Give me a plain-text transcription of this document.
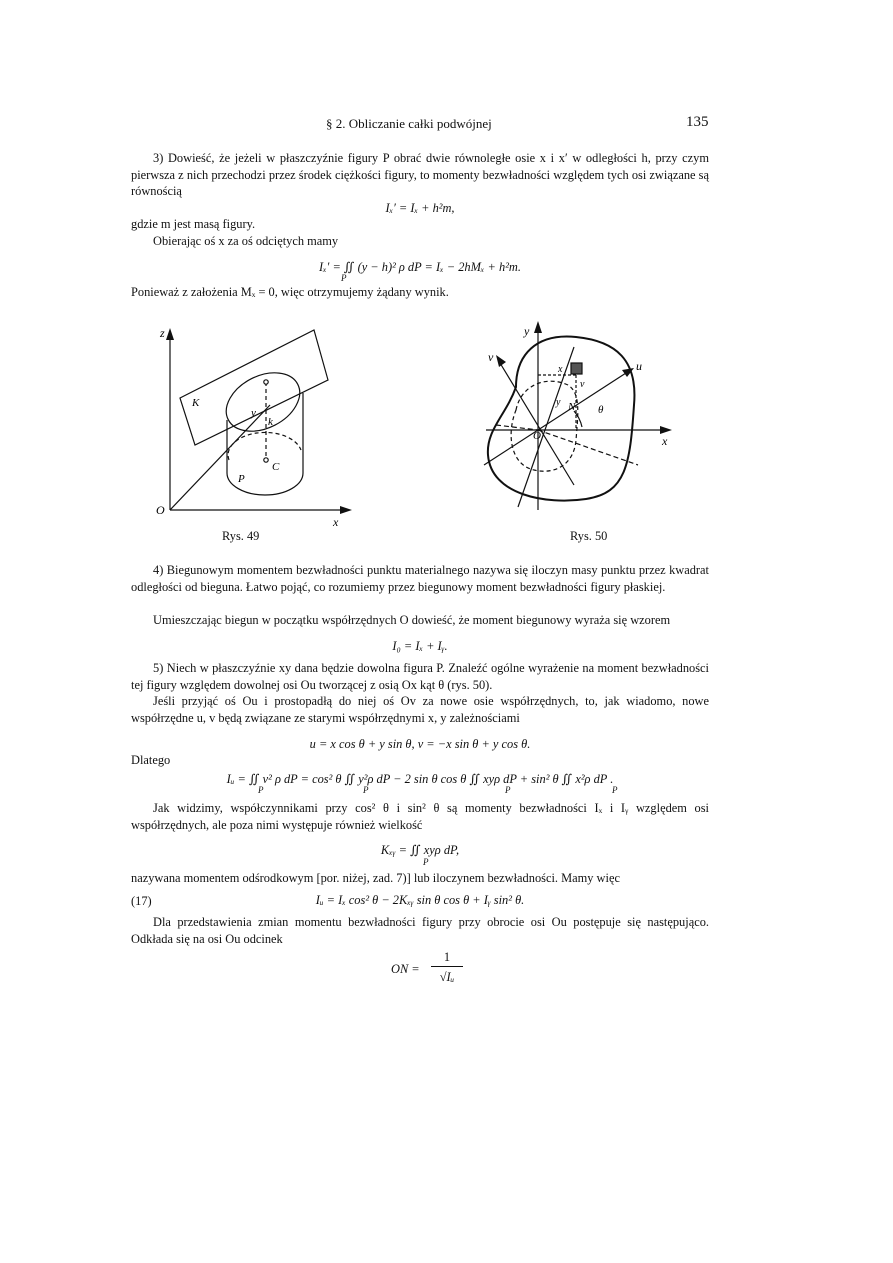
§ 2. Obliczanie całki podwójnej	135
3) Dowieść, że jeżeli w płaszczyźnie figury P obrać dwie równoległe osie x i x′ w odległości h, przy czym pierwsza z nich przechodzi przez środek ciężkości figury, to momenty bezwładności względem tych osi związane są równością
Iₓ′ = Iₓ + h²m,
gdzie m jest masą figury.
Obierając oś x za oś odciętych mamy
Iₓ′ = ∬ (y − h)² ρ dP = Iₓ − 2hMₓ + h²m.
P
Ponieważ z założenia Mₓ = 0, więc otrzymujemy żądany wynik.
z
O
x
K
P
C
k
y
Rys. 49
y
x
v
u
O
N θ
x
y
v
Rys. 50
4) Biegunowym momentem bezwładności punktu materialnego nazywa się iloczyn masy punktu przez kwadrat odległości od bieguna. Łatwo pojąć, co rozumiemy przez biegunowy moment bezwładności figury płaskiej.
Umieszczając biegun w początku współrzędnych O dowieść, że moment biegunowy wyraża się wzorem
I₀ = Iₓ + Iᵧ.
5) Niech w płaszczyźnie xy dana będzie dowolna figura P. Znaleźć ogólne wyrażenie na moment bezwładności tej figury względem dowolnej osi Ou tworzącej z osią Ox kąt θ (rys. 50).
Jeśli przyjąć oś Ou i prostopadłą do niej oś Ov za nowe osie współrzędnych, to, jak wiadomo, nowe współrzędne u, v będą związane ze starymi współrzędnymi x, y zależnościami
u = x cos θ + y sin θ, v = −x sin θ + y cos θ.
Dlatego
Iᵤ = ∬ v² ρ dP = cos² θ ∬ y²ρ dP − 2 sin θ cos θ ∬ xyρ dP + sin² θ ∬ x²ρ dP .
P	P	P	P
Jak widzimy, współczynnikami przy cos² θ i sin² θ są momenty bezwładności Iₓ i Iᵧ względem osi współrzędnych, ale poza nimi występuje również wielkość
Kₓᵧ = ∬ xyρ dP,
P
nazywana momentem odśrodkowym [por. niżej, zad. 7)] lub iloczynem bezwładności. Mamy więc
(17)	Iᵤ = Iₓ cos² θ − 2Kₓᵧ sin θ cos θ + Iᵧ sin² θ.
Dla przedstawienia zmian momentu bezwładności figury przy obrocie osi Ou postępuje się następująco. Odkłada się na osi Ou odcinek
ON =
1
√Iᵤ
